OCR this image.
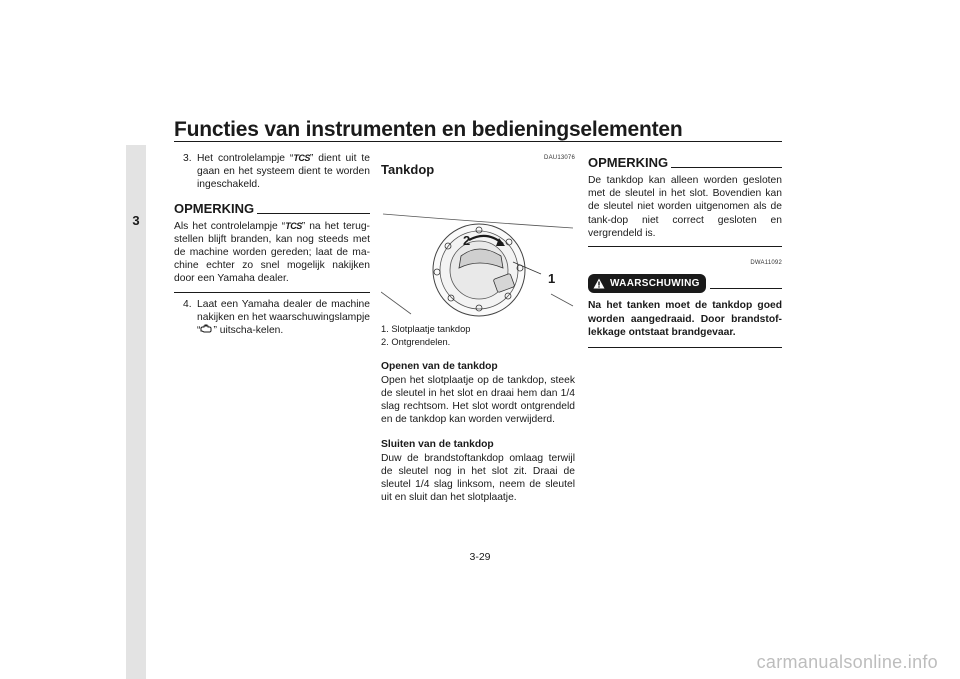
Functies van instrumenten en bedieningselementen
3
3. Het controlelampje “TCS” dient uit te gaan en het systeem dient te worden ingeschakeld.
OPMERKING
Als het controlelampje “TCS” na het terug-stellen blijft branden, kan nog steeds met de machine worden gereden; laat de ma-chine echter zo snel mogelijk nakijken door een Yamaha dealer.
4. Laat een Yamaha dealer de machine nakijken en het waarschuwingslampje “ ” uitscha-kelen.
DAU13076
Tankdop
2
1
1. Slotplaatje tankdop
2. Ontgrendelen.
Openen van de tankdop
Open het slotplaatje op de tankdop, steek de sleutel in het slot en draai hem dan 1/4 slag rechtsom. Het slot wordt ontgrendeld en de tankdop kan worden verwijderd.
Sluiten van de tankdop
Duw de brandstoftankdop omlaag terwijl de sleutel nog in het slot zit. Draai de sleutel 1/4 slag linksom, neem de sleutel uit en sluit dan het slotplaatje.
OPMERKING
De tankdop kan alleen worden gesloten met de sleutel in het slot. Bovendien kan de sleutel niet worden uitgenomen als de tank-dop niet correct gesloten en vergrendeld is.
DWA11092
WAARSCHUWING
Na het tanken moet de tankdop goed worden aangedraaid. Door brandstof-lekkage ontstaat brandgevaar.
3-29
carmanualsonline.info
